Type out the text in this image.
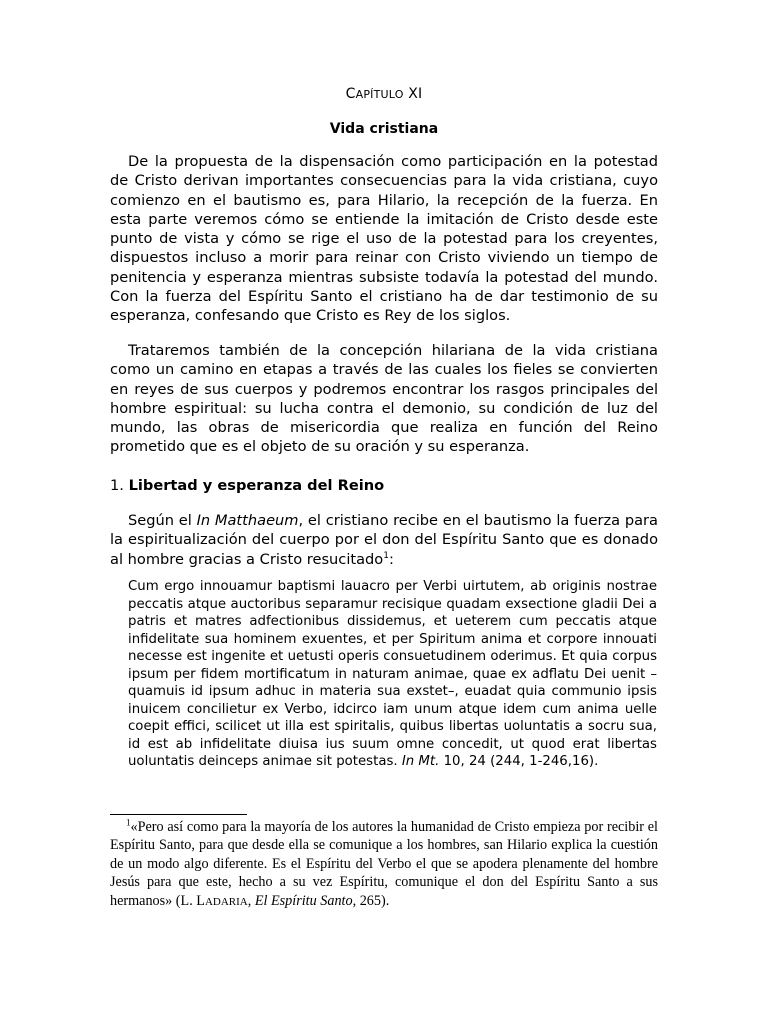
CAPÍTULO XI
Vida cristiana

De la propuesta de la dispensación como participación en la potestad de Cristo derivan importantes consecuencias para la vida cristiana, cuyo comienzo en el bautismo es, para Hilario, la recepción de la fuerza. En esta parte veremos cómo se entiende la imitación de Cristo desde este punto de vista y cómo se rige el uso de la potestad para los creyentes, dispuestos incluso a morir para reinar con Cristo viviendo un tiempo de penitencia y esperanza mientras subsiste todavía la potestad del mundo. Con la fuerza del Espíritu Santo el cristiano ha de dar testimonio de su esperanza, confesando que Cristo es Rey de los siglos.

Trataremos también de la concepción hilariana de la vida cristiana como un camino en etapas a través de las cuales los fieles se convierten en reyes de sus cuerpos y podremos encontrar los rasgos principales del hombre espiritual: su lucha contra el demonio, su condición de luz del mundo, las obras de misericordia que realiza en función del Reino prometido que es el objeto de su oración y su esperanza.

1. Libertad y esperanza del Reino

Según el In Matthaeum, el cristiano recibe en el bautismo la fuerza para la espiritualización del cuerpo por el don del Espíritu Santo que es donado al hombre gracias a Cristo resucitado$^1$:

Cum ergo innouamur baptismi lauacro per Verbi uirtutem, ab originis nostrae peccatis atque auctoribus separamur recisique quadam exsectione gladii Dei a patris et matres adfectionibus dissidemus, et ueterem cum peccatis atque infidelitate sua hominem exuentes, et per Spiritum anima et corpore innouati necesse est ingenite et uetusti operis consuetudinem oderimus. Et quia corpus ipsum per fidem mortificatum in naturam animae, quae ex adflatu Dei uenit –quamuis id ipsum adhuc in materia sua exstet–, euadat quia communio ipsis inuicem concilietur ex Verbo, idcirco iam unum atque idem cum anima uelle coepit effici, scilicet ut illa est spiritalis, quibus libertas uoluntatis a socru sua, id est ab infidelitate diuisa ius suum omne concedit, ut quod erat libertas uoluntatis deinceps animae sit potestas. In Mt. 10, 24 (244, 1-246,16).

$^1$«Pero así como para la mayoría de los autores la humanidad de Cristo empieza por recibir el Espíritu Santo, para que desde ella se comunique a los hombres, san Hilario explica la cuestión de un modo algo diferente. Es el Espíritu del Verbo el que se apodera plenamente del hombre Jesús para que este, hecho a su vez Espíritu, comunique el don del Espíritu Santo a sus hermanos» (L. LADARIA, El Espíritu Santo, 265).
